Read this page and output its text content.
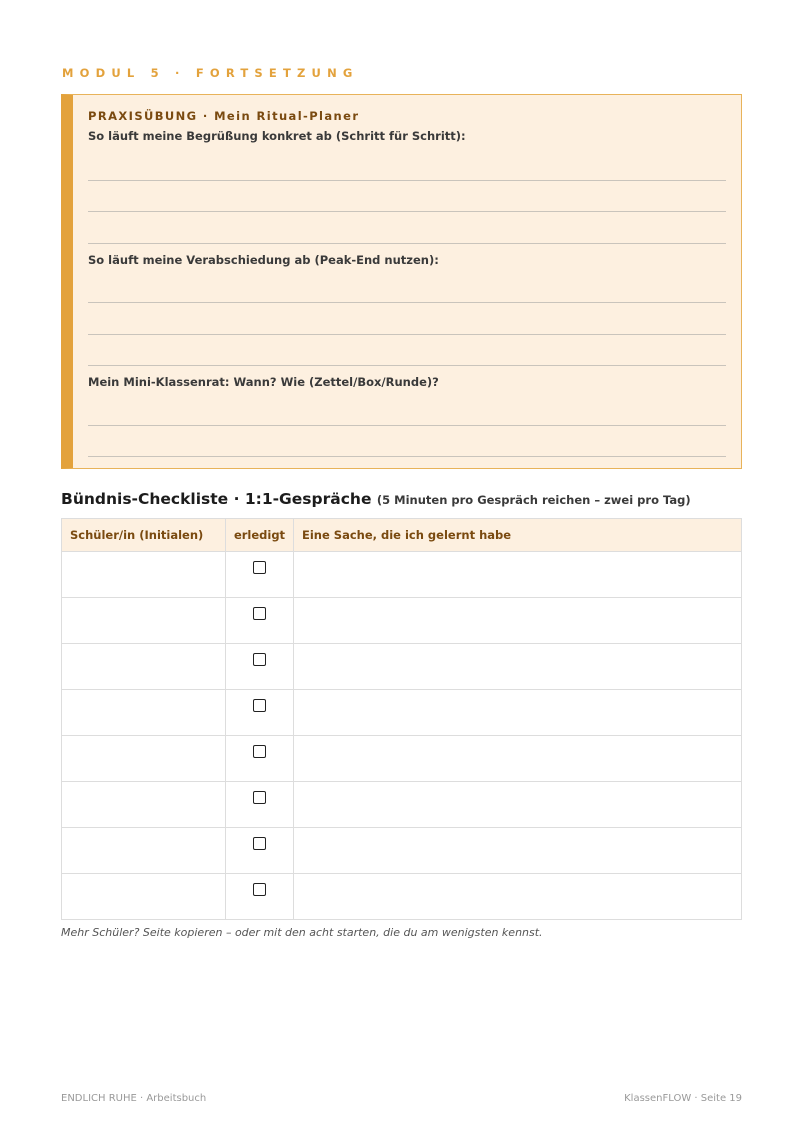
MODUL 5 · FORTSETZUNG
PRAXISÜBUNG · Mein Ritual-Planer
So läuft meine Begrüßung konkret ab (Schritt für Schritt):
So läuft meine Verabschiedung ab (Peak-End nutzen):
Mein Mini-Klassenrat: Wann? Wie (Zettel/Box/Runde)?
Bündnis-Checkliste · 1:1-Gespräche (5 Minuten pro Gespräch reichen – zwei pro Tag)
Schüler/in (Initialen)	erledigt	Eine Sache, die ich gelernt habe

Mehr Schüler? Seite kopieren – oder mit den acht starten, die du am wenigsten kennst.
ENDLICH RUHE · Arbeitsbuch	KlassenFLOW · Seite 19
